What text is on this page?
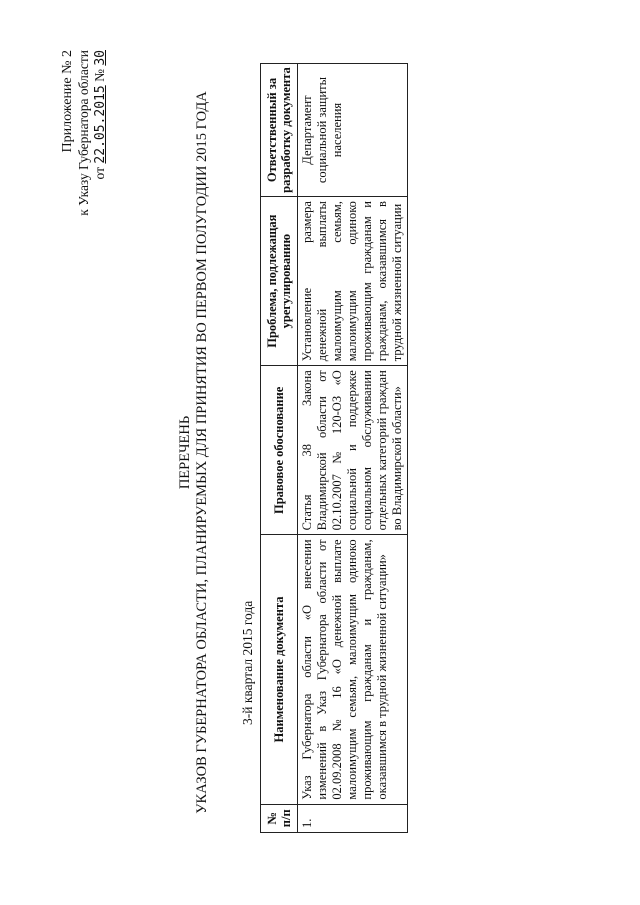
Приложение № 2 к Указу Губернатора области от 22.05.2015 № 30
ПЕРЕЧЕНЬ УКАЗОВ ГУБЕРНАТОРА ОБЛАСТИ, ПЛАНИРУЕМЫХ ДЛЯ ПРИНЯТИЯ ВО ПЕРВОМ ПОЛУГОДИИ 2015 ГОДА 3-й квартал 2015 года
№ п/п	Наименование документа	Правовое обоснование	Проблема, подлежащая урегулированию	Ответственный за разработку документа
1.	Указ Губернатора области «О внесении изменений в Указ Губернатора области от 02.09.2008 № 16 «О денежной выплате малоимущим семьям, малоимущим одиноко проживающим гражданам и гражданам, оказавшимся в трудной жизненной ситуации»	Статья 38 Закона Владимирской области от 02.10.2007 № 120-ОЗ «О социальной и поддержке социальном обслуживании отдельных категорий граждан во Владимирской области»	Установление размера денежной выплаты малоимущим семьям, малоимущим одиноко проживающим гражданам и гражданам, оказавшимся в трудной жизненной ситуации	Департамент социальной защиты населения
